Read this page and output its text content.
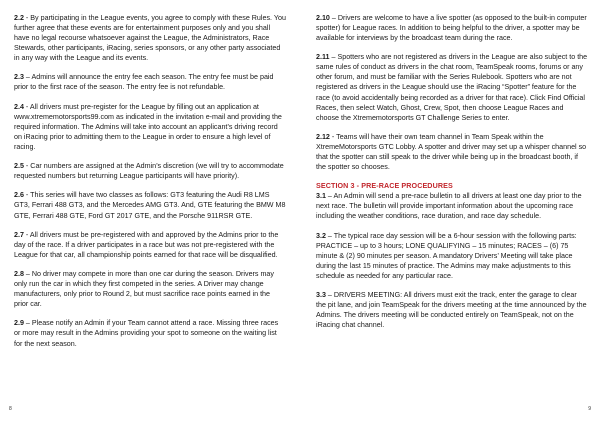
2.2 - By participating in the League events, you agree to comply with these Rules. You further agree that these events are for entertainment purposes only and you shall have no legal recourse whatsoever against the League, the Administrators, Race Stewards, other participants, iRacing, series sponsors, or any other party associated in any way with the League and its events.

2.3 – Admins will announce the entry fee each season. The entry fee must be paid prior to the first race of the season. The entry fee is not refundable.

2.4 - All drivers must pre-register for the League by filling out an application at www.xtrememotorsports99.com as indicated in the invitation e-mail and providing the required information. The Admins will take into account an applicant’s driving record on iRacing prior to admitting them to the League in order to ensure a high level of racing.

2.5 - Car numbers are assigned at the Admin’s discretion (we will try to accommodate requested numbers but returning League participants will have priority).

2.6 - This series will have two classes as follows: GT3 featuring the Audi R8 LMS GT3, Ferrari 488 GT3, and the Mercedes AMG GT3. And, GTE featuring the BMW M8 GTE, Ferrari 488 GTE, Ford GT 2017 GTE, and the Porsche 911RSR GTE.

2.7 - All drivers must be pre-registered with and approved by the Admins prior to the day of the race. If a driver participates in a race but was not pre-registered with the League for that car, all championship points earned for that race will be disqualified.

2.8 – No driver may compete in more than one car during the season. Drivers may only run the car in which they first competed in the series. A Driver may change manufacturers, only prior to Round 2, but must sacrifice race points earned in the prior car.

2.9 – Please notify an Admin if your Team cannot attend a race. Missing three races or more may result in the Admins providing your spot to someone on the waiting list for the next season.

8

2.10 – Drivers are welcome to have a live spotter (as opposed to the built-in computer spotter) for League races. In addition to being helpful to the driver, a spotter may be available for interviews by the broadcast team during the race.

2.11 – Spotters who are not registered as drivers in the League are also subject to the same rules of conduct as drivers in the chat room, TeamSpeak rooms, forums or any other forum, and must be familiar with the Series Rulebook. Spotters who are not registered as drivers in the League should use the iRacing “Spotter” feature for the race (to avoid accidentally being recorded as a driver for that race). Click Find Official Races, then select Watch, Ghost, Crew, Spot, then choose League Races and choose the Xtrememotorsports GT Challenge Series to enter.

2.12 - Teams will have their own team channel in Team Speak within the XtremeMotorsports GTC Lobby. A spotter and driver may set up a whisper channel so that the spotter can still speak to the driver while being up in the broadcast booth, if the spotter so chooses.

SECTION 3 - PRE-RACE PROCEDURES

3.1 – An Admin will send a pre-race bulletin to all drivers at least one day prior to the next race. The bulletin will provide important information about the upcoming race including the weather conditions, race duration, and race day schedule.

3.2 – The typical race day session will be a 6-hour session with the following parts: PRACTICE – up to 3 hours; LONE QUALIFYING – 15 minutes; RACES – (6) 75 minute & (2) 90 minutes per season. A mandatory Drivers’ Meeting will take place during the last 15 minutes of practice. The Admins may make adjustments to this schedule as needed for any particular race.

3.3 – DRIVERS MEETING: All drivers must exit the track, enter the garage to clear the pit lane, and join TeamSpeak for the drivers meeting at the time announced by the Admins. The drivers meeting will be conducted entirely on TeamSpeak, not on the iRacing chat channel.

9
